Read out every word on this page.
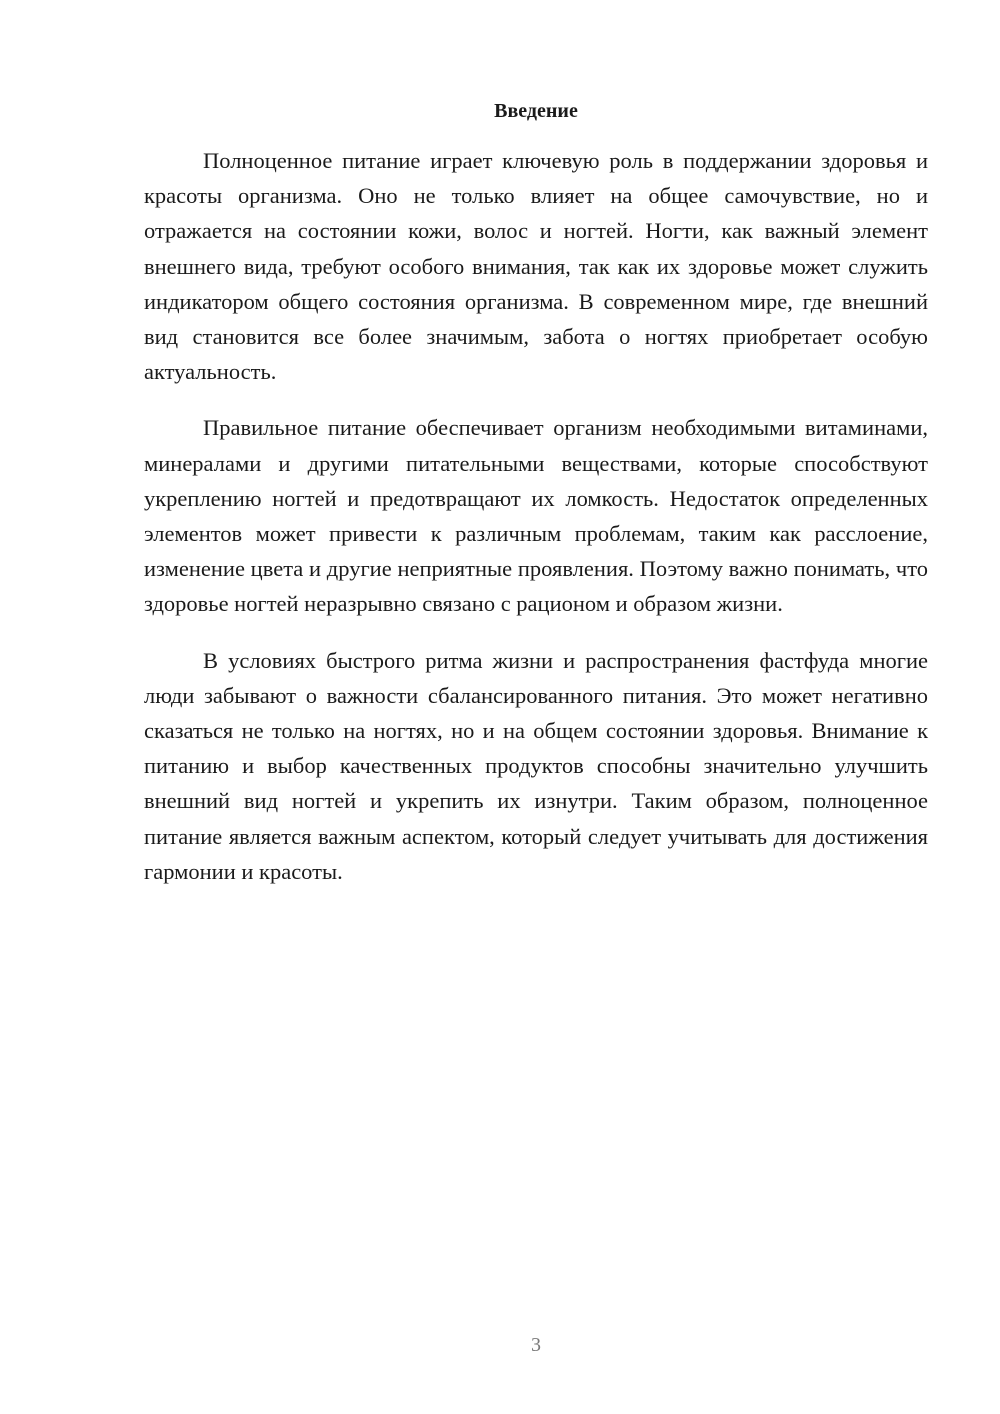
Введение

Полноценное питание играет ключевую роль в поддержании здоровья и красоты организма. Оно не только влияет на общее самочувствие, но и отражается на состоянии кожи, волос и ногтей. Ногти, как важный элемент внешнего вида, требуют особого внимания, так как их здоровье может служить индикатором общего состояния организма. В современном мире, где внешний вид становится все более значимым, забота о ногтях приобретает особую актуальность.

Правильное питание обеспечивает организм необходимыми витаминами, минералами и другими питательными веществами, которые способствуют укреплению ногтей и предотвращают их ломкость. Недостаток определенных элементов может привести к различным проблемам, таким как расслоение, изменение цвета и другие неприятные проявления. Поэтому важно понимать, что здоровье ногтей неразрывно связано с рационом и образом жизни.

В условиях быстрого ритма жизни и распространения фастфуда многие люди забывают о важности сбалансированного питания. Это может негативно сказаться не только на ногтях, но и на общем состоянии здоровья. Внимание к питанию и выбор качественных продуктов способны значительно улучшить внешний вид ногтей и укрепить их изнутри. Таким образом, полноценное питание является важным аспектом, который следует учитывать для достижения гармонии и красоты.

3
